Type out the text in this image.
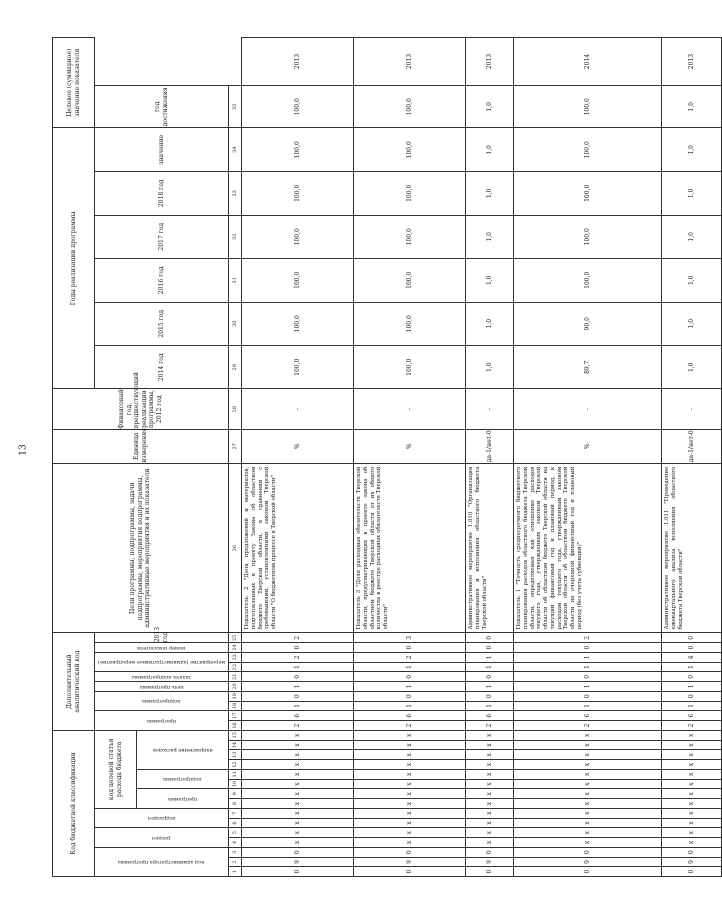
13
Код бюджетной классификации															Дополнительный аналитический код										Цели программы, подпрограммы, задачи подпрограммы, мероприятия подпрограммы, административные мероприятия и их показатели	Единица измерения	Финансовый год, предшествующий реализации программы, 2012 год	Годы реализации программы						Целевое (суммарное) значение показателя	

код администратора программы			раздел		подраздел		код целевой статьи расхода бюджета								программа		подпрограмма		цель программы	задача подпрограммы	мероприятие (административное мероприятие)		номер показателя	2013 год				2014 год	2015 год	2016 год	2017 год	2018 год	значение	год достижения	

							программа		подпрограмма		направление расходов																								

1	2	3	4	5	6	7	8	9	10	11	12	13	14	15	16	17	18	19	20	21	22	23	24	25	26	27	28	29	30	31	32	33	34	35	
0	9	0	х	х	х	х	х	х	х	х	х	х	х	х	2	6	1	0	1	0	1	2	0	2	Показатель 2 "Доля предложений и материалов, подготовленных к проекту Закона об областном бюджете Тверской области, в сравнении с требованиями, установленными законом Тверской области "О бюджетном процессе в Тверской области"	%	-	100,0	100,0	100,0	100,0	100,0	100,0	100,0	2013
0	9	0	х	х	х	х	х	х	х	х	х	х	х	х	2	6	1	0	1	0	1	2	0	3	Показатель 3 "Доля расходных обязательств Тверской области, предусматривающих в проекте закона об областном бюджете Тверской области от их общего количества в реестре расходных обязательств Тверской области"	%	-	100,0	100,0	100,0	100,0	100,0	100,0	100,0	2013
0	9	0	х	х	х	х	х	х	х	х	х	х	х	х	2	6	1	0	1	0	1	1	0	0	Административное мероприятие 1.010 "Организация планирования и исполнения областного бюджета Тверской области"	да-1/нет-0	-	1,0	1,0	1,0	1,0	1,0	1,0	1,0	2013
0	9	0	х	х	х	х	х	х	х	х	х	х	х	х	2	6	1	0	1	0	1	1	0	2	Показатель 1 "Точность среднесрочного бюджетного планирования расходов областного бюджета Тверской области, определяемая как отношение расходов текущего года, утвержденных законом Тверской области об областном бюджете Тверской области на текущий финансовый год и плановый период, к расходам текущего года, утвержденным законом Тверской области об областном бюджете Тверской области на очередной финансовый год и плановый период (без учета субвенций)"	%	-	89,7	90,0	100,0	100,0	100,0	100,0	100,0	2014
0	9	0	х	х	х	х	х	х	х	х	х	х	х	х	2	6	1	0	1	0	1	4	0	0	Административное мероприятие 1.011 "Проведение ежеквартального анализа исполнения областного бюджета Тверской области"	да-1/нет-0	-	1,0	1,0	1,0	1,0	1,0	1,0	1,0	2013
